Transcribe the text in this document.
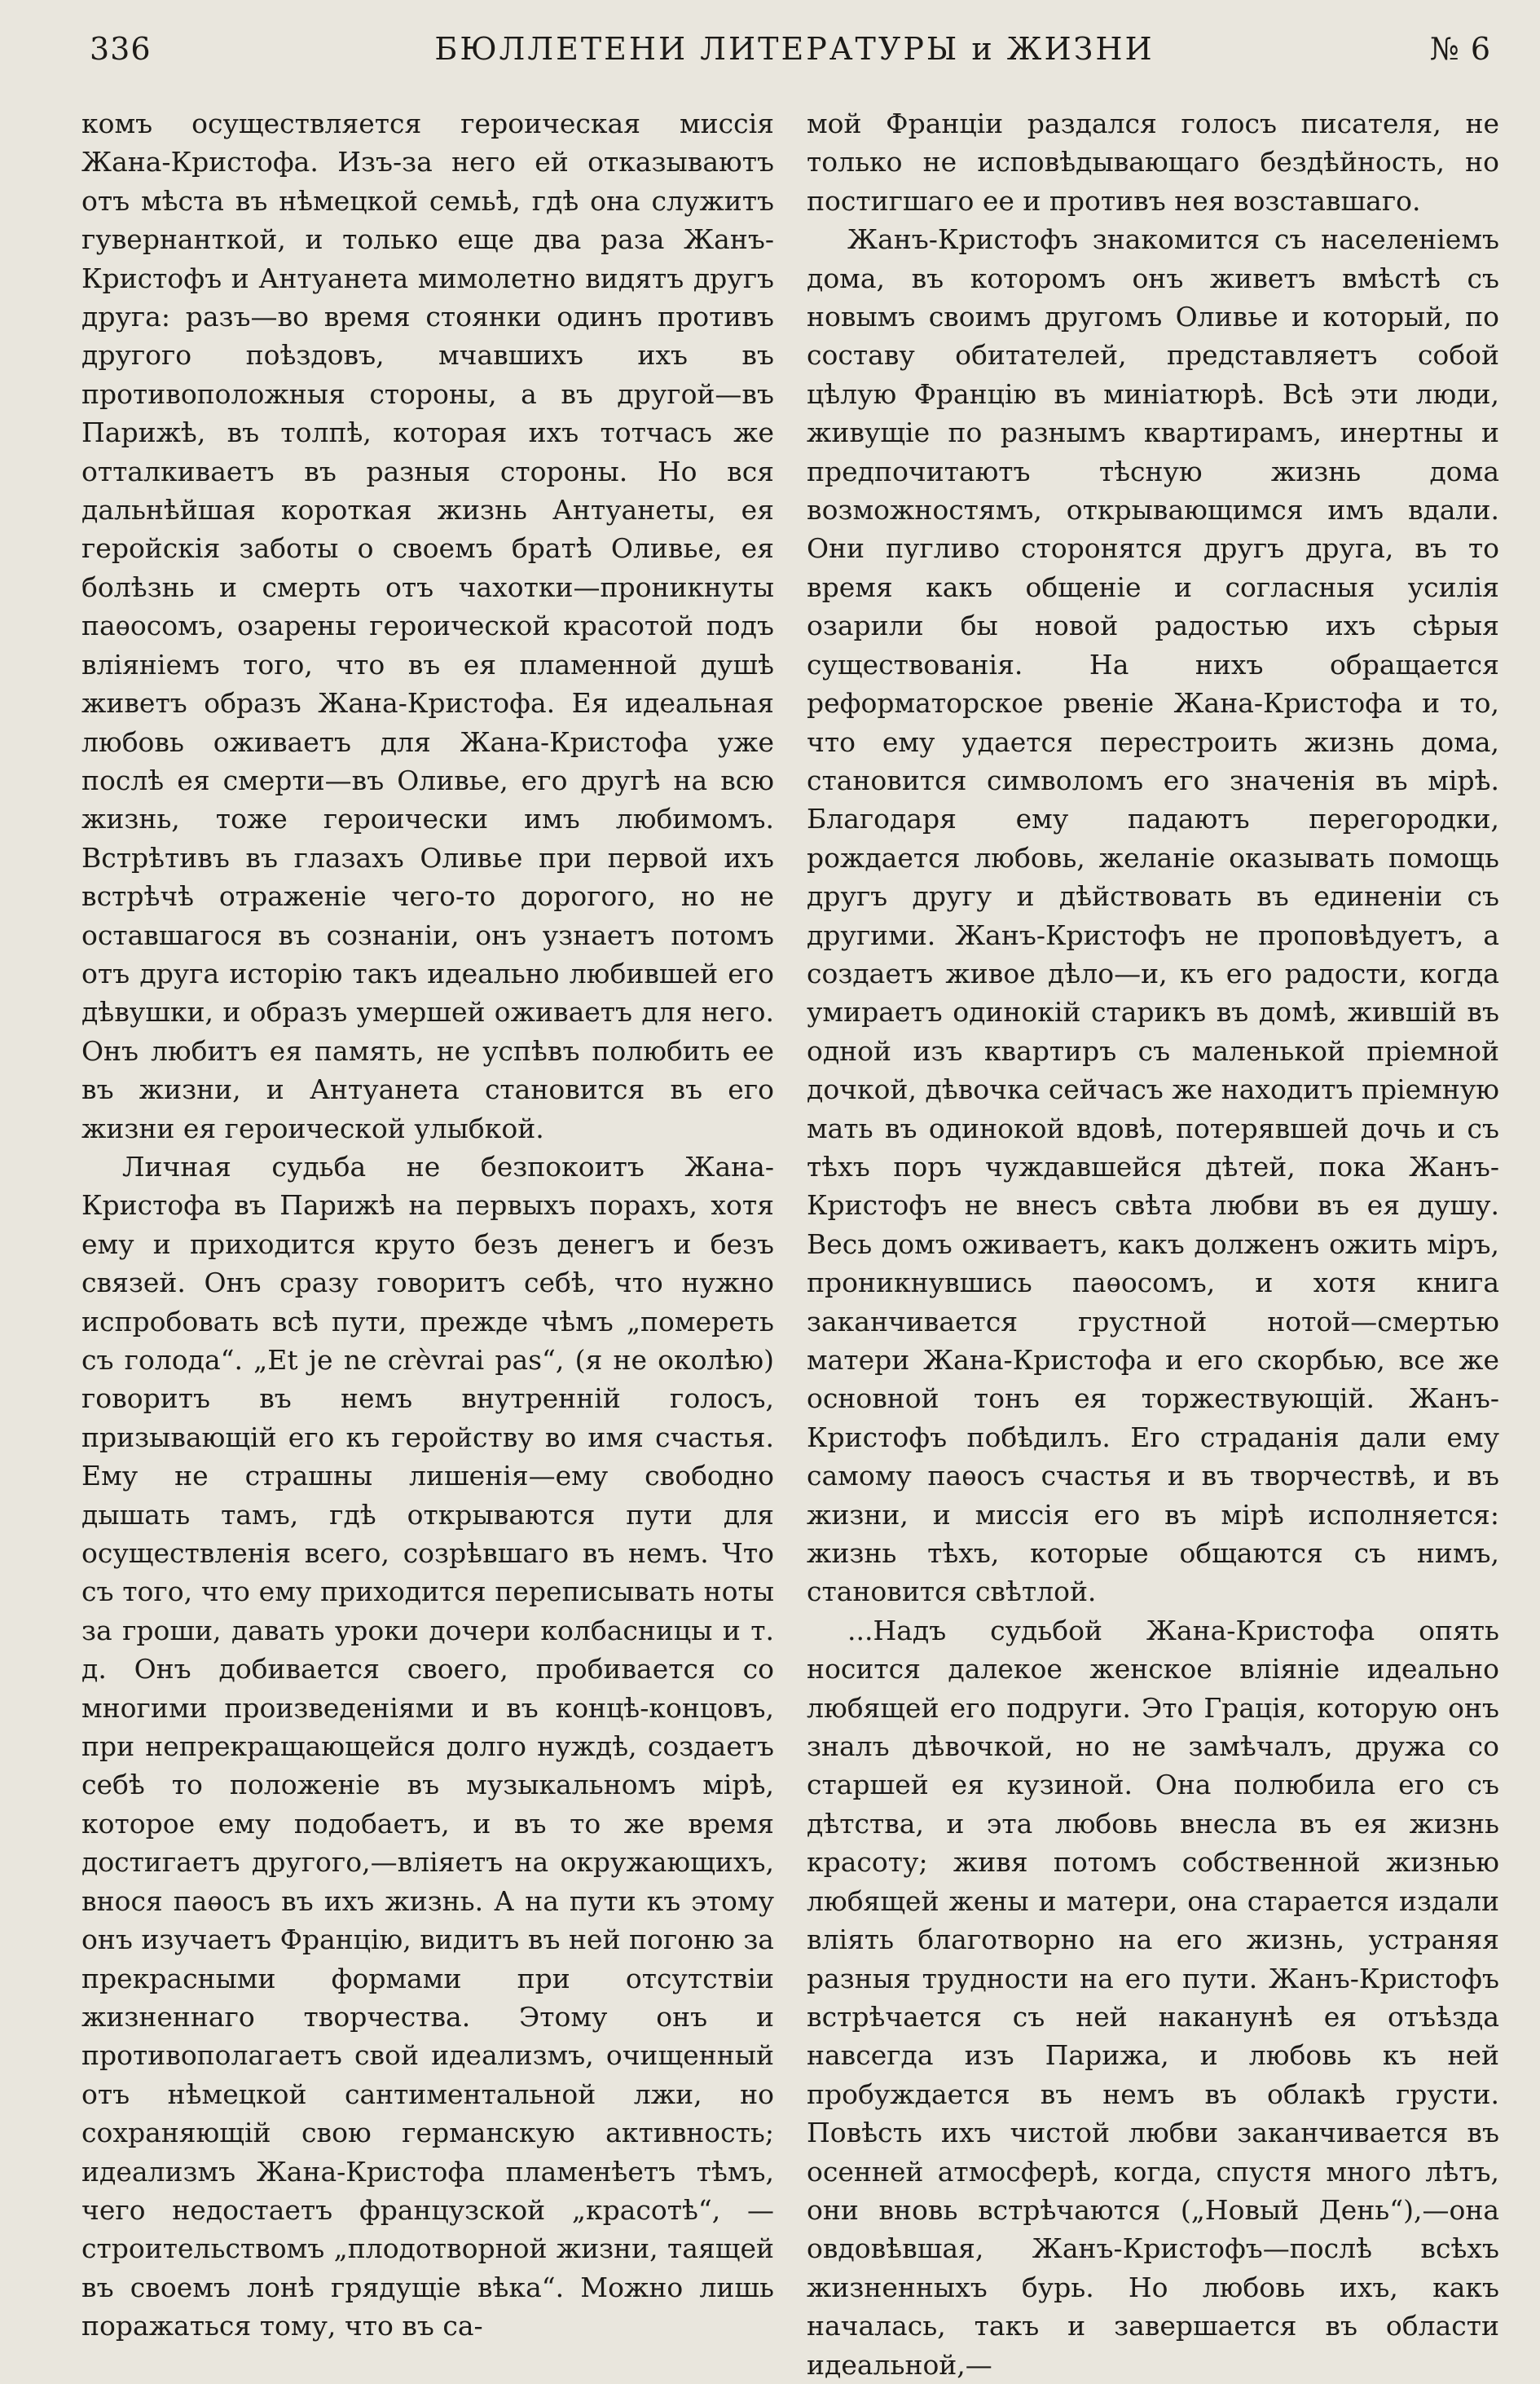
336	БЮЛЛЕТЕНИ ЛИТЕРАТУРЫ и ЖИЗНИ	№ 6

комъ осуществляется героическая миссія Жана-Кристофа. Изъ-за него ей отказываютъ отъ мѣста въ нѣмецкой семьѣ, гдѣ она служитъ гувернанткой, и только еще два раза Жанъ-Кристофъ и Антуанета мимолетно видятъ другъ друга: разъ—во время стоянки одинъ противъ другого поѣздовъ, мчавшихъ ихъ въ противоположныя стороны, а въ другой—въ Парижѣ, въ толпѣ, которая ихъ тотчасъ же отталкиваетъ въ разныя стороны. Но вся дальнѣйшая короткая жизнь Антуанеты, ея геройскія заботы о своемъ братѣ Оливье, ея болѣзнь и смерть отъ чахотки—проникнуты паѳосомъ, озарены героической красотой подъ вліяніемъ того, что въ ея пламенной душѣ живетъ образъ Жана-Кристофа. Ея идеальная любовь оживаетъ для Жана-Кристофа уже послѣ ея смерти—въ Оливье, его другѣ на всю жизнь, тоже героически имъ любимомъ. Встрѣтивъ въ глазахъ Оливье при первой ихъ встрѣчѣ отраженіе чего-то дорогого, но не оставшагося въ сознаніи, онъ узнаетъ потомъ отъ друга исторію такъ идеально любившей его дѣвушки, и образъ умершей оживаетъ для него. Онъ любитъ ея память, не успѣвъ полюбить ее въ жизни, и Антуанета становится въ его жизни ея героической улыбкой.

Личная судьба не безпокоитъ Жана-Кристофа въ Парижѣ на первыхъ порахъ, хотя ему и приходится круто безъ денегъ и безъ связей. Онъ сразу говоритъ себѣ, что нужно испробовать всѣ пути, прежде чѣмъ „помереть съ голода“. „Et je ne crèvrai pas“, (я не околѣю) говоритъ въ немъ внутренній голосъ, призывающій его къ геройству во имя счастья. Ему не страшны лишенія—ему свободно дышать тамъ, гдѣ открываются пути для осуществленія всего, созрѣвшаго въ немъ. Что съ того, что ему приходится переписывать ноты за гроши, давать уроки дочери колбасницы и т. д. Онъ добивается своего, пробивается со многими произведеніями и въ концѣ-концовъ, при непрекращающейся долго нуждѣ, создаетъ себѣ то положеніе въ музыкальномъ мірѣ, которое ему подобаетъ, и въ то же время достигаетъ другого,—вліяетъ на окружающихъ, внося паѳосъ въ ихъ жизнь. А на пути къ этому онъ изучаетъ Францію, видитъ въ ней погоню за прекрасными формами при отсутствіи жизненнаго творчества. Этому онъ и противополагаетъ свой идеализмъ, очищенный отъ нѣмецкой сантиментальной лжи, но сохраняющій свою германскую активность; идеализмъ Жана-Кристофа пламенѣетъ тѣмъ, чего недостаетъ французской „красотѣ“, — строительствомъ „плодотворной жизни, таящей въ своемъ лонѣ грядущіе вѣка“. Можно лишь поражаться тому, что въ са-

мой Франціи раздался голосъ писателя, не только не исповѣдывающаго бездѣйность, но постигшаго ее и противъ нея возставшаго.

Жанъ-Кристофъ знакомится съ населеніемъ дома, въ которомъ онъ живетъ вмѣстѣ съ новымъ своимъ другомъ Оливье и который, по составу обитателей, представляетъ собой цѣлую Францію въ миніатюрѣ. Всѣ эти люди, живущіе по разнымъ квартирамъ, инертны и предпочитаютъ тѣсную жизнь дома возможностямъ, открывающимся имъ вдали. Они пугливо сторонятся другъ друга, въ то время какъ общеніе и согласныя усилія озарили бы новой радостью ихъ сѣрыя существованія. На нихъ обращается реформаторское рвеніе Жана-Кристофа и то, что ему удается перестроить жизнь дома, становится символомъ его значенія въ мірѣ. Благодаря ему падаютъ перегородки, рождается любовь, желаніе оказывать помощь другъ другу и дѣйствовать въ единеніи съ другими. Жанъ-Кристофъ не проповѣдуетъ, а создаетъ живое дѣло—и, къ его радости, когда умираетъ одинокій старикъ въ домѣ, жившій въ одной изъ квартиръ съ маленькой пріемной дочкой, дѣвочка сейчасъ же находитъ пріемную мать въ одинокой вдовѣ, потерявшей дочь и съ тѣхъ поръ чуждавшейся дѣтей, пока Жанъ-Кристофъ не внесъ свѣта любви въ ея душу. Весь домъ оживаетъ, какъ долженъ ожить міръ, проникнувшись паѳосомъ, и хотя книга заканчивается грустной нотой—смертью матери Жана-Кристофа и его скорбью, все же основной тонъ ея торжествующій. Жанъ-Кристофъ побѣдилъ. Его страданія дали ему самому паѳосъ счастья и въ творчествѣ, и въ жизни, и миссія его въ мірѣ исполняется: жизнь тѣхъ, которые общаются съ нимъ, становится свѣтлой.

...Надъ судьбой Жана-Кристофа опять носится далекое женское вліяніе идеально любящей его подруги. Это Грація, которую онъ зналъ дѣвочкой, но не замѣчалъ, дружа со старшей ея кузиной. Она полюбила его съ дѣтства, и эта любовь внесла въ ея жизнь красоту; живя потомъ собственной жизнью любящей жены и матери, она старается издали вліять благотворно на его жизнь, устраняя разныя трудности на его пути. Жанъ-Кристофъ встрѣчается съ ней наканунѣ ея отъѣзда навсегда изъ Парижа, и любовь къ ней пробуждается въ немъ въ облакѣ грусти. Повѣсть ихъ чистой любви заканчивается въ осенней атмосферѣ, когда, спустя много лѣтъ, они вновь встрѣчаются („Новый День“),—она овдовѣвшая, Жанъ-Кристофъ—послѣ всѣхъ жизненныхъ бурь. Но любовь ихъ, какъ началась, такъ и завершается въ области идеальной,—
